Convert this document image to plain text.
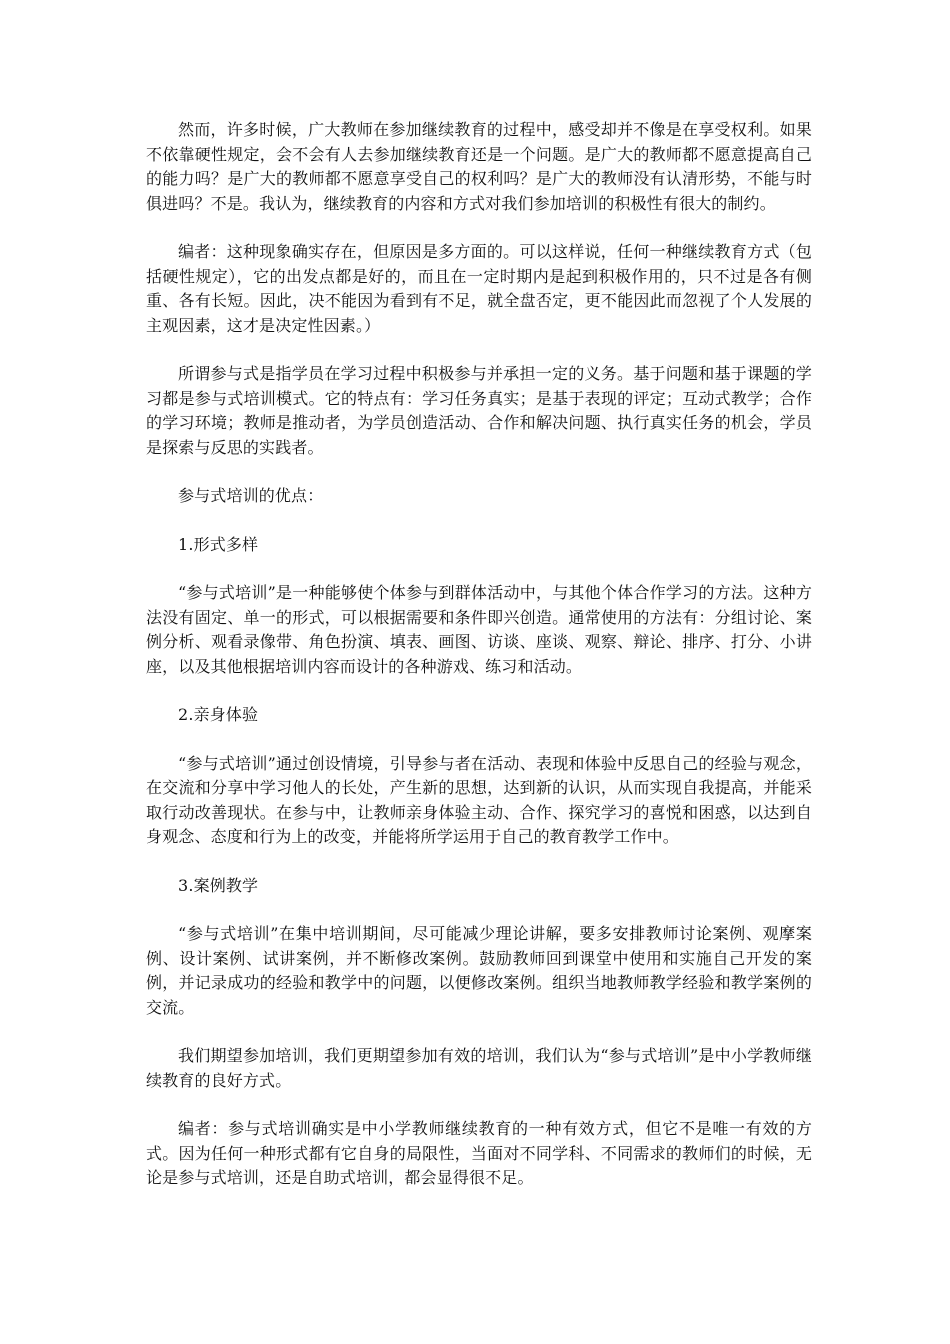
然而，许多时候，广大教师在参加继续教育的过程中，感受却并不像是在享受权利。如果不依靠硬性规定，会不会有人去参加继续教育还是一个问题。是广大的教师都不愿意提高自己的能力吗？是广大的教师都不愿意享受自己的权利吗？是广大的教师没有认清形势，不能与时俱进吗？不是。我认为，继续教育的内容和方式对我们参加培训的积极性有很大的制约。

编者：这种现象确实存在，但原因是多方面的。可以这样说，任何一种继续教育方式（包括硬性规定），它的出发点都是好的，而且在一定时期内是起到积极作用的，只不过是各有侧重、各有长短。因此，决不能因为看到有不足，就全盘否定，更不能因此而忽视了个人发展的主观因素，这才是决定性因素。）

所谓参与式是指学员在学习过程中积极参与并承担一定的义务。基于问题和基于课题的学习都是参与式培训模式。它的特点有：学习任务真实；是基于表现的评定；互动式教学；合作的学习环境；教师是推动者，为学员创造活动、合作和解决问题、执行真实任务的机会，学员是探索与反思的实践者。

参与式培训的优点：

1.形式多样

“参与式培训”是一种能够使个体参与到群体活动中，与其他个体合作学习的方法。这种方法没有固定、单一的形式，可以根据需要和条件即兴创造。通常使用的方法有：分组讨论、案例分析、观看录像带、角色扮演、填表、画图、访谈、座谈、观察、辩论、排序、打分、小讲座，以及其他根据培训内容而设计的各种游戏、练习和活动。

2.亲身体验

“参与式培训”通过创设情境，引导参与者在活动、表现和体验中反思自己的经验与观念，在交流和分享中学习他人的长处，产生新的思想，达到新的认识，从而实现自我提高，并能采取行动改善现状。在参与中，让教师亲身体验主动、合作、探究学习的喜悦和困惑，以达到自身观念、态度和行为上的改变，并能将所学运用于自己的教育教学工作中。

3.案例教学

“参与式培训”在集中培训期间，尽可能减少理论讲解，要多安排教师讨论案例、观摩案例、设计案例、试讲案例，并不断修改案例。鼓励教师回到课堂中使用和实施自己开发的案例，并记录成功的经验和教学中的问题，以便修改案例。组织当地教师教学经验和教学案例的交流。

我们期望参加培训，我们更期望参加有效的培训，我们认为“参与式培训”是中小学教师继续教育的良好方式。

编者：参与式培训确实是中小学教师继续教育的一种有效方式，但它不是唯一有效的方式。因为任何一种形式都有它自身的局限性，当面对不同学科、不同需求的教师们的时候，无论是参与式培训，还是自助式培训，都会显得很不足。
